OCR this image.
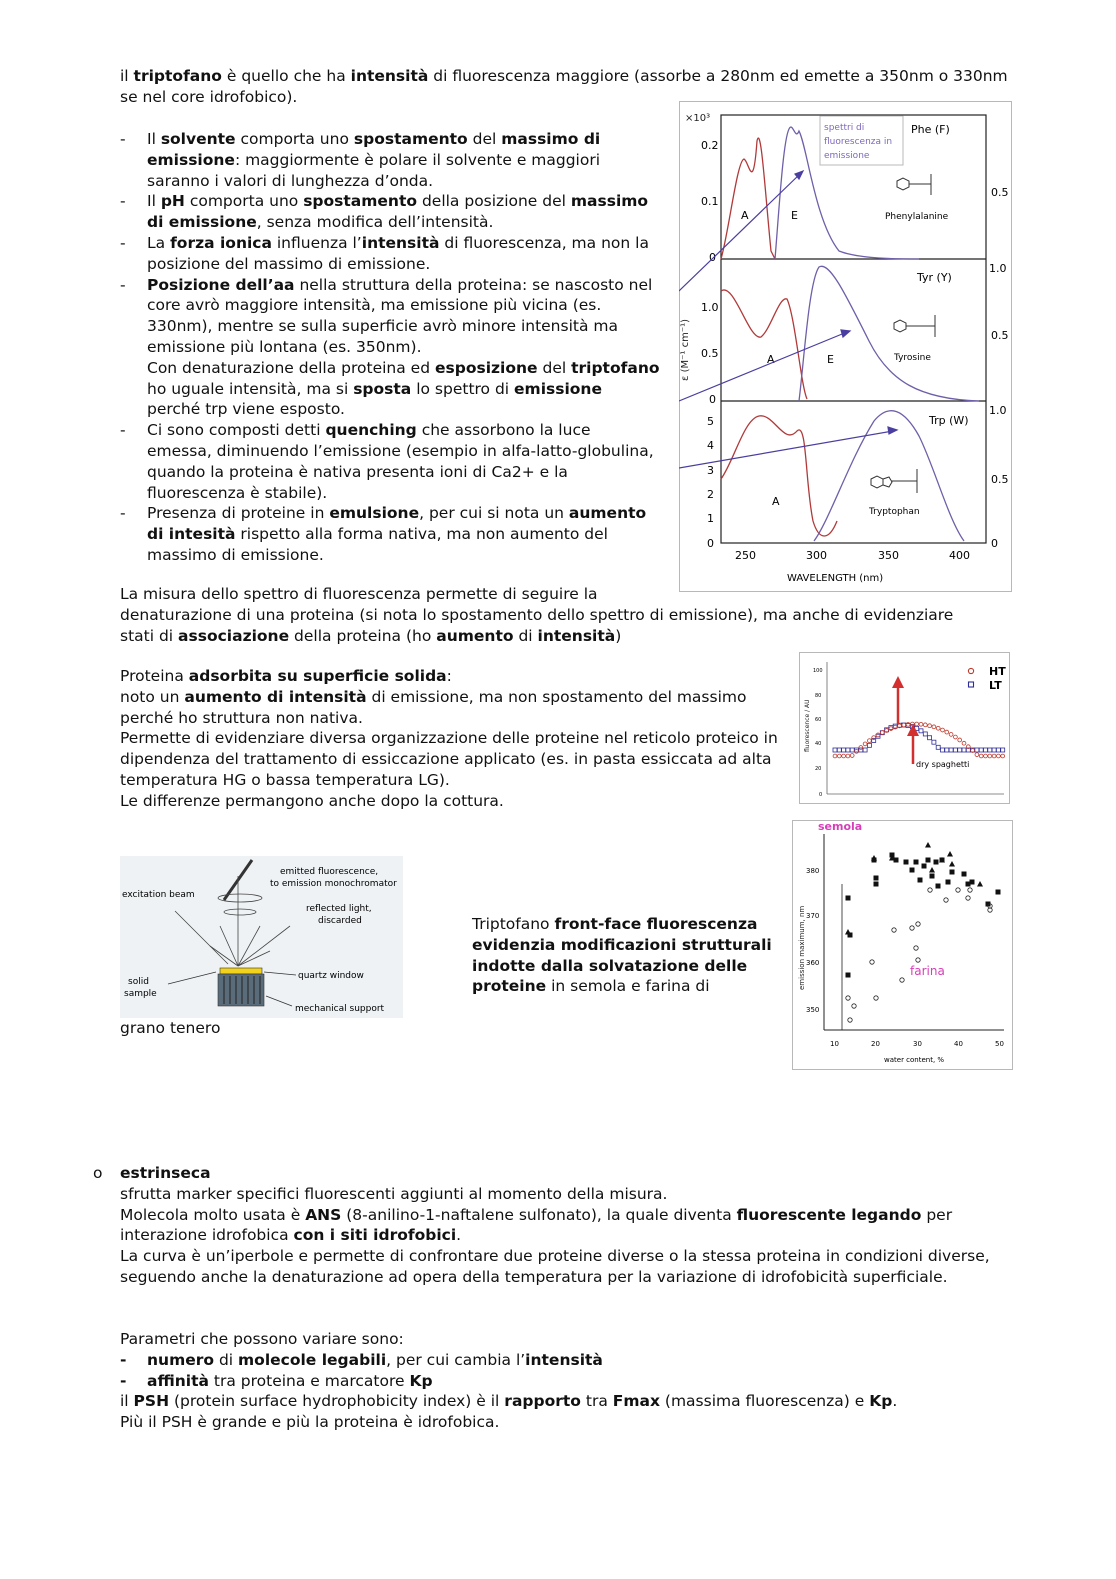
il triptofano è quello che ha intensità di fluorescenza maggiore (assorbe a 280nm ed emette a 350nm o 330nm se nel core idrofobico).

- Il solvente comporta uno spostamento del massimo di emissione: maggiormente è polare il solvente e maggiori saranno i valori di lunghezza d’onda.
- Il pH comporta uno spostamento della posizione del massimo di emissione, senza modifica dell’intensità.
- La forza ionica influenza l’intensità di fluorescenza, ma non la posizione del massimo di emissione.
- Posizione dell’aa nella struttura della proteina: se nascosto nel core avrò maggiore intensità, ma emissione più vicina (es. 330nm), mentre se sulla superficie avrò minore intensità ma emissione più lontana (es. 350nm).
Con denaturazione della proteina ed esposizione del triptofano ho uguale intensità, ma si sposta lo spettro di emissione perché trp viene esposto.
- Ci sono composti detti quenching che assorbono la luce emessa, diminuendo l’emissione (esempio in alfa-latto-globulina, quando la proteina è nativa presenta ioni di Ca2+ e la fluorescenza è stabile).
- Presenza di proteine in emulsione, per cui si nota un aumento di intesità rispetto alla forma nativa, ma non aumento del massimo di emissione.
La misura dello spettro di fluorescenza permette di seguire la
denaturazione di una proteina (si nota lo spostamento dello spettro di emissione), ma anche di evidenziare
stati di associazione della proteina (ho aumento di intensità)
Proteina adsorbita su superficie solida:
noto un aumento di intensità di emissione, ma non spostamento del massimo perché ho struttura non nativa.
Permette di evidenziare diversa organizzazione delle proteine nel reticolo proteico in dipendenza del trattamento di essiccazione applicato (es. in pasta essiccata ad alta temperatura HG o bassa temperatura LG).
Le differenze permangono anche dopo la cottura.
Triptofano front-face fluorescenza evidenzia modificazioni strutturali indotte dalla solvatazione delle proteine in semola e farina di
grano tenero
o estrinseca
sfrutta marker specifici fluorescenti aggiunti al momento della misura.
Molecola molto usata è ANS (8-anilino-1-naftalene sulfonato), la quale diventa fluorescente legando per interazione idrofobica con i siti idrofobici.
La curva è un’iperbole e permette di confrontare due proteine diverse o la stessa proteina in condizioni diverse, seguendo anche la denaturazione ad opera della temperatura per la variazione di idrofobicità superficiale.
Parametri che possono variare sono:
- numero di molecole legabili, per cui cambia l’intensità
- affinità tra proteina e marcatore Kp
il PSH (protein surface hydrophobicity index) è il rapporto tra Fmax (massima fluorescenza) e Kp.
Più il PSH è grande e più la proteina è idrofobica.
×10³
ε (M⁻¹ cm⁻¹)
0.2
0.1
0
0.5
Phe (F)
Phenylalanine
A	E
spettri di
fluorescenza in
emissione
1.0
0.5
0
1.0
0.5
Tyr (Y)
Tyrosine
A	E
5
4
3
2
1
0
1.0
0.5
0
Trp (W)
Tryptophan
A
250	300	350	400
WAVELENGTH (nm)
fluorescence / AU
100
80
60
40
20
0
dry spaghetti
HT
LT
excitation beam
emitted fluorescence,
to emission monochromator
reflected light,
discarded
quartz window
solid
sample
mechanical support
semola
farina
emission maximum, nm
380
370
360
350
10	20	30	40	50
water content, %
